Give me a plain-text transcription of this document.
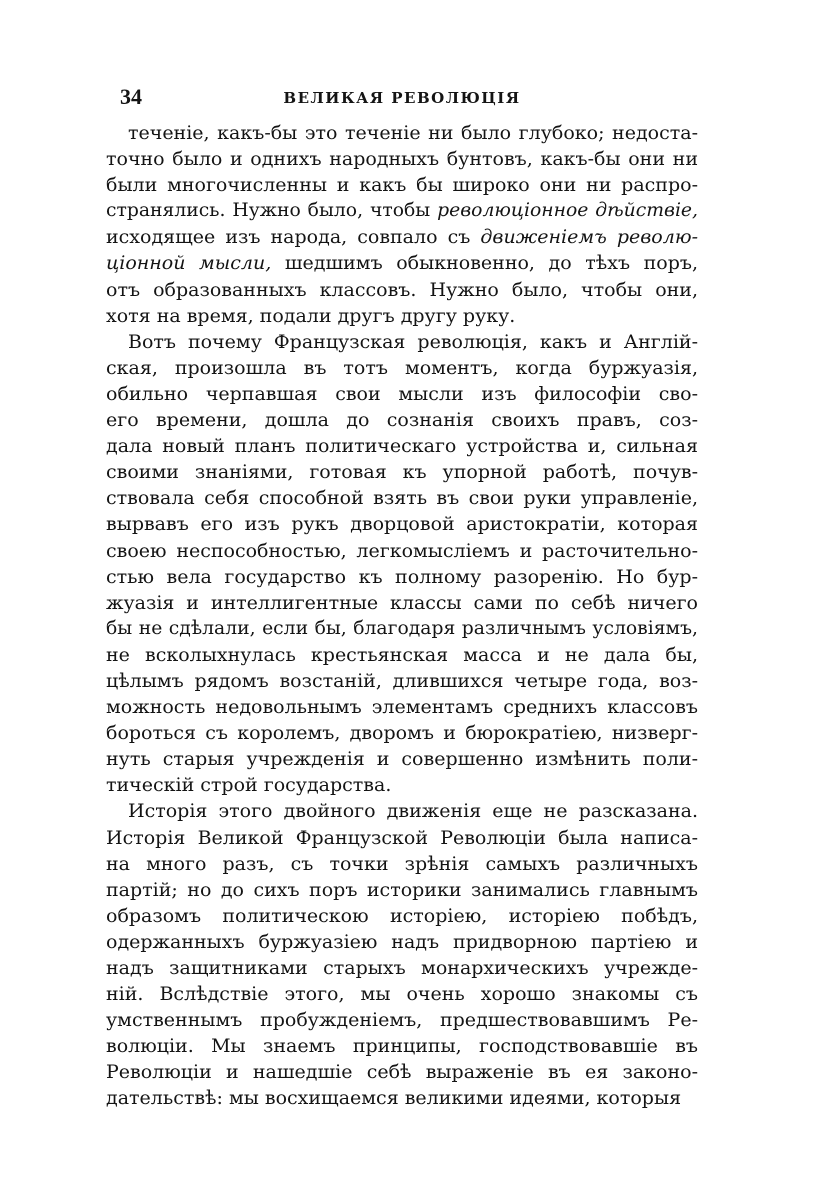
34	ВЕЛИКАЯ РЕВОЛЮЦІЯ
теченіе, какъ-бы это теченіе ни было глубоко; недоста-
точно было и однихъ народныхъ бунтовъ, какъ-бы они ни
были многочисленны и какъ бы широко они ни распро-
странялись. Нужно было, чтобы революціонное дѣйствіе,
исходящее изъ народа, совпало съ движеніемъ револю-
ціонной мысли, шедшимъ обыкновенно, до тѣхъ поръ,
отъ образованныхъ классовъ. Нужно было, чтобы они,
хотя на время, подали другъ другу руку.
Вотъ почему Французская революція, какъ и Англій-
ская, произошла въ тотъ моментъ, когда буржуазія,
обильно черпавшая свои мысли изъ философіи сво-
его времени, дошла до сознанія своихъ правъ, соз-
дала новый планъ политическаго устройства и, сильная
своими знаніями, готовая къ упорной работѣ, почув-
ствовала себя способной взять въ свои руки управленіе,
вырвавъ его изъ рукъ дворцовой аристократіи, которая
своею неспособностью, легкомысліемъ и расточительно-
стью вела государство къ полному разоренію. Но бур-
жуазія и интеллигентные классы сами по себѣ ничего
бы не сдѣлали, если бы, благодаря различнымъ условіямъ,
не всколыхнулась крестьянская масса и не дала бы,
цѣлымъ рядомъ возстаній, длившихся четыре года, воз-
можность недовольнымъ элементамъ среднихъ классовъ
бороться съ королемъ, дворомъ и бюрократіею, низверг-
нуть старыя учрежденія и совершенно измѣнить поли-
тическій строй государства.
Исторія этого двойного движенія еще не разсказана.
Исторія Великой Французской Революціи была написа-
на много разъ, съ точки зрѣнія самыхъ различныхъ
партій; но до сихъ поръ историки занимались главнымъ
образомъ политическою исторіею, исторіею побѣдъ,
одержанныхъ буржуазіею надъ придворною партіею и
надъ защитниками старыхъ монархическихъ учрежде-
ній. Вслѣдствіе этого, мы очень хорошо знакомы съ
умственнымъ пробужденіемъ, предшествовавшимъ Ре-
волюціи. Мы знаемъ принципы, господствовавшіе въ
Революціи и нашедшіе себѣ выраженіе въ ея законо-
дательствѣ: мы восхищаемся великими идеями, которыя
